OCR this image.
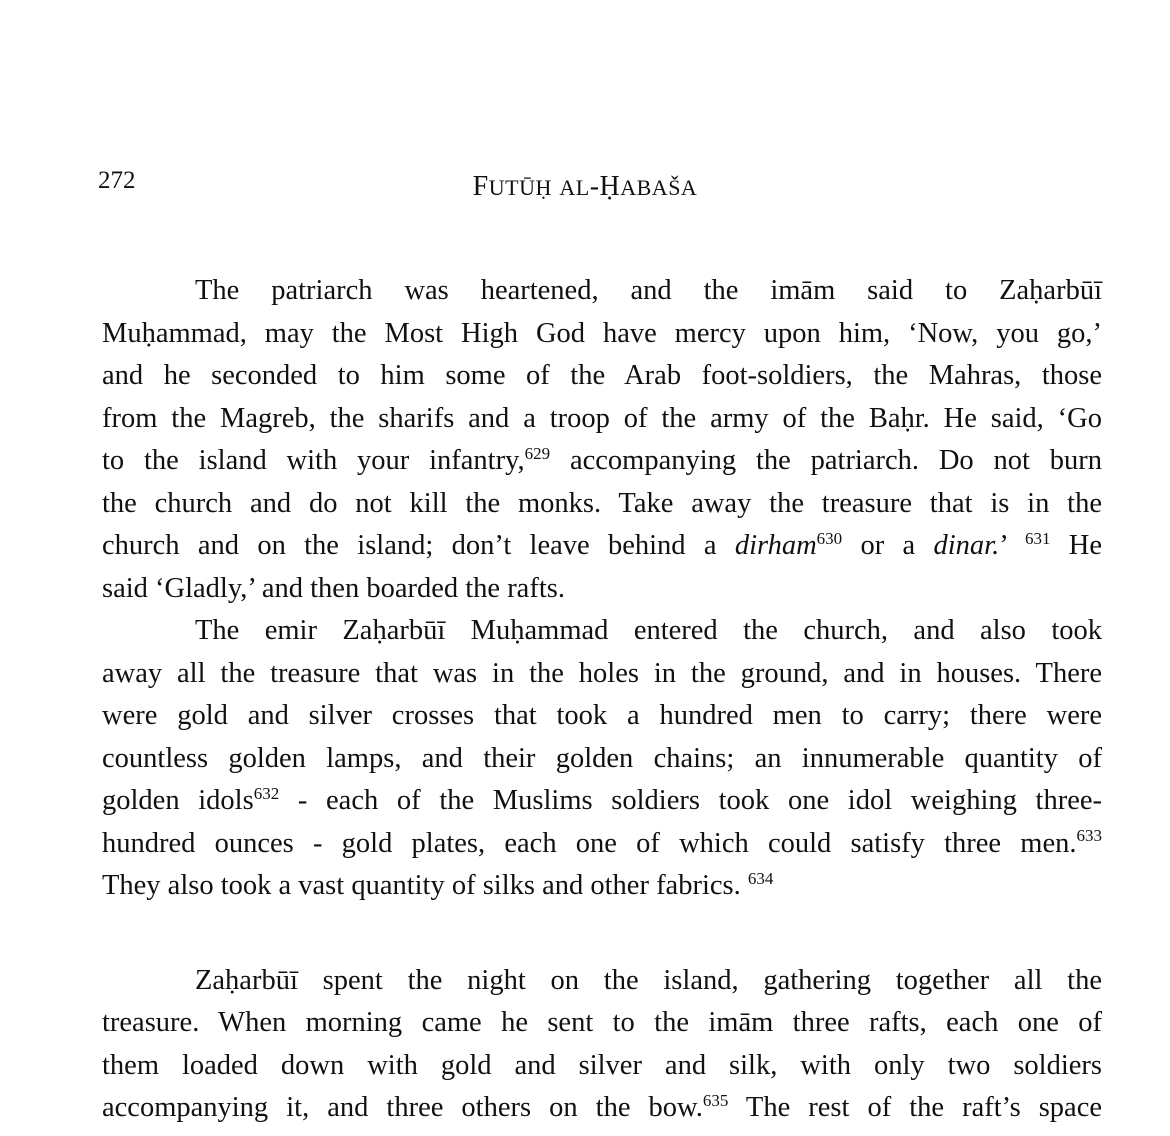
272	FUTŪḤ AL-ḤABAŠA
The patriarch was heartened, and the imām said to Zaḥarbūī
Muḥammad, may the Most High God have mercy upon him, ‘Now, you go,’
and he seconded to him some of the Arab foot-soldiers, the Mahras, those
from the Magreb, the sharifs and a troop of the army of the Baḥr. He said, ‘Go
to the island with your infantry,$^{629}$ accompanying the patriarch. Do not burn
the church and do not kill the monks. Take away the treasure that is in the
church and on the island; don’t leave behind a dirham$^{630}$ or a dinar.’ $^{631}$ He
said ‘Gladly,’ and then boarded the rafts.
The emir Zaḥarbūī Muḥammad entered the church, and also took
away all the treasure that was in the holes in the ground, and in houses. There
were gold and silver crosses that took a hundred men to carry; there were
countless golden lamps, and their golden chains; an innumerable quantity of
golden idols$^{632}$ - each of the Muslims soldiers took one idol weighing three-
hundred ounces - gold plates, each one of which could satisfy three men.$^{633}$
They also took a vast quantity of silks and other fabrics. $^{634}$
Zaḥarbūī spent the night on the island, gathering together all the
treasure. When morning came he sent to the imām three rafts, each one of
them loaded down with gold and silver and silk, with only two soldiers
accompanying it, and three others on the bow.$^{635}$ The rest of the raft’s space
